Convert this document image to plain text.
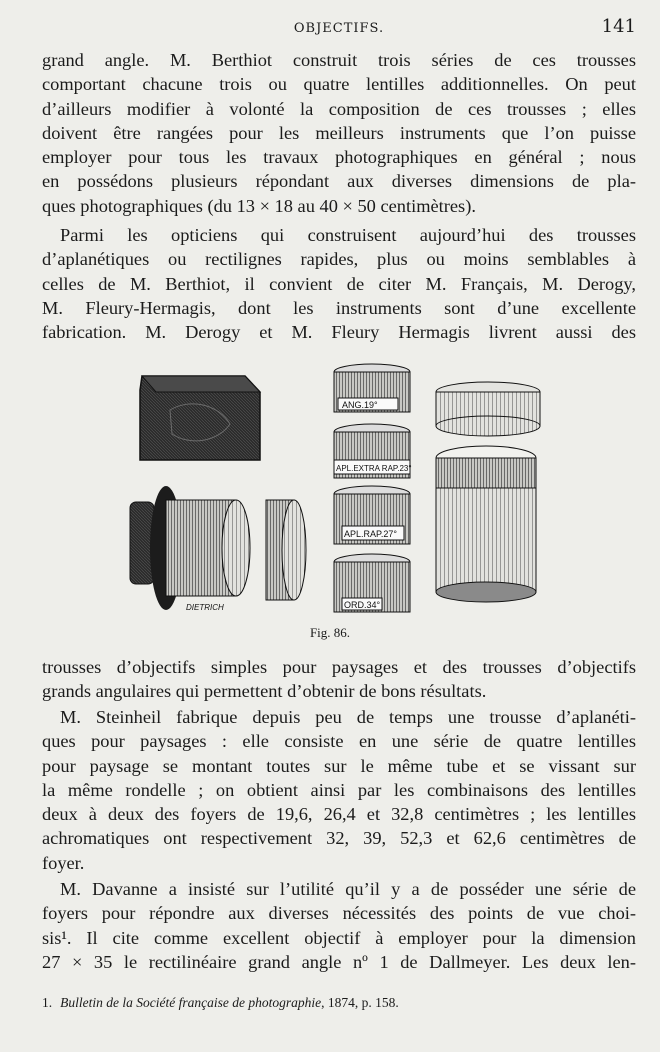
OBJECTIFS.	141
grand angle. M. Berthiot construit trois séries de ces trousses
comportant chacune trois ou quatre lentilles additionnelles. On peut
d’ailleurs modifier à volonté la composition de ces trousses ; elles
doivent être rangées pour les meilleurs instruments que l’on puisse
employer pour tous les travaux photographiques en général ; nous
en possédons plusieurs répondant aux diverses dimensions de pla-
ques photographiques (du 13 × 18 au 40 × 50 centimètres).
Parmi les opticiens qui construisent aujourd’hui des trousses
d’aplanétiques ou rectilignes rapides, plus ou moins semblables à
celles de M. Berthiot, il convient de citer M. Français, M. Derogy,
M. Fleury-Hermagis, dont les instruments sont d’une excellente
fabrication. M. Derogy et M. Fleury Hermagis livrent aussi des
DIETRICH
ANG.19°
APL.EXTRA RAP.23°
APL.RAP.27°
ORD.34°
Fig. 86.
trousses d’objectifs simples pour paysages et des trousses d’objectifs
grands angulaires qui permettent d’obtenir de bons résultats.
M. Steinheil fabrique depuis peu de temps une trousse d’aplanéti-
ques pour paysages : elle consiste en une série de quatre lentilles
pour paysage se montant toutes sur le même tube et se vissant sur
la même rondelle ; on obtient ainsi par les combinaisons des lentilles
deux à deux des foyers de 19,6, 26,4 et 32,8 centimètres ; les lentilles
achromatiques ont respectivement 32, 39, 52,3 et 62,6 centimètres de
foyer.
M. Davanne a insisté sur l’utilité qu’il y a de posséder une série de
foyers pour répondre aux diverses nécessités des points de vue choi-
sis¹. Il cite comme excellent objectif à employer pour la dimension
27 × 35 le rectilinéaire grand angle nº 1 de Dallmeyer. Les deux len-
1. Bulletin de la Société française de photographie, 1874, p. 158.
